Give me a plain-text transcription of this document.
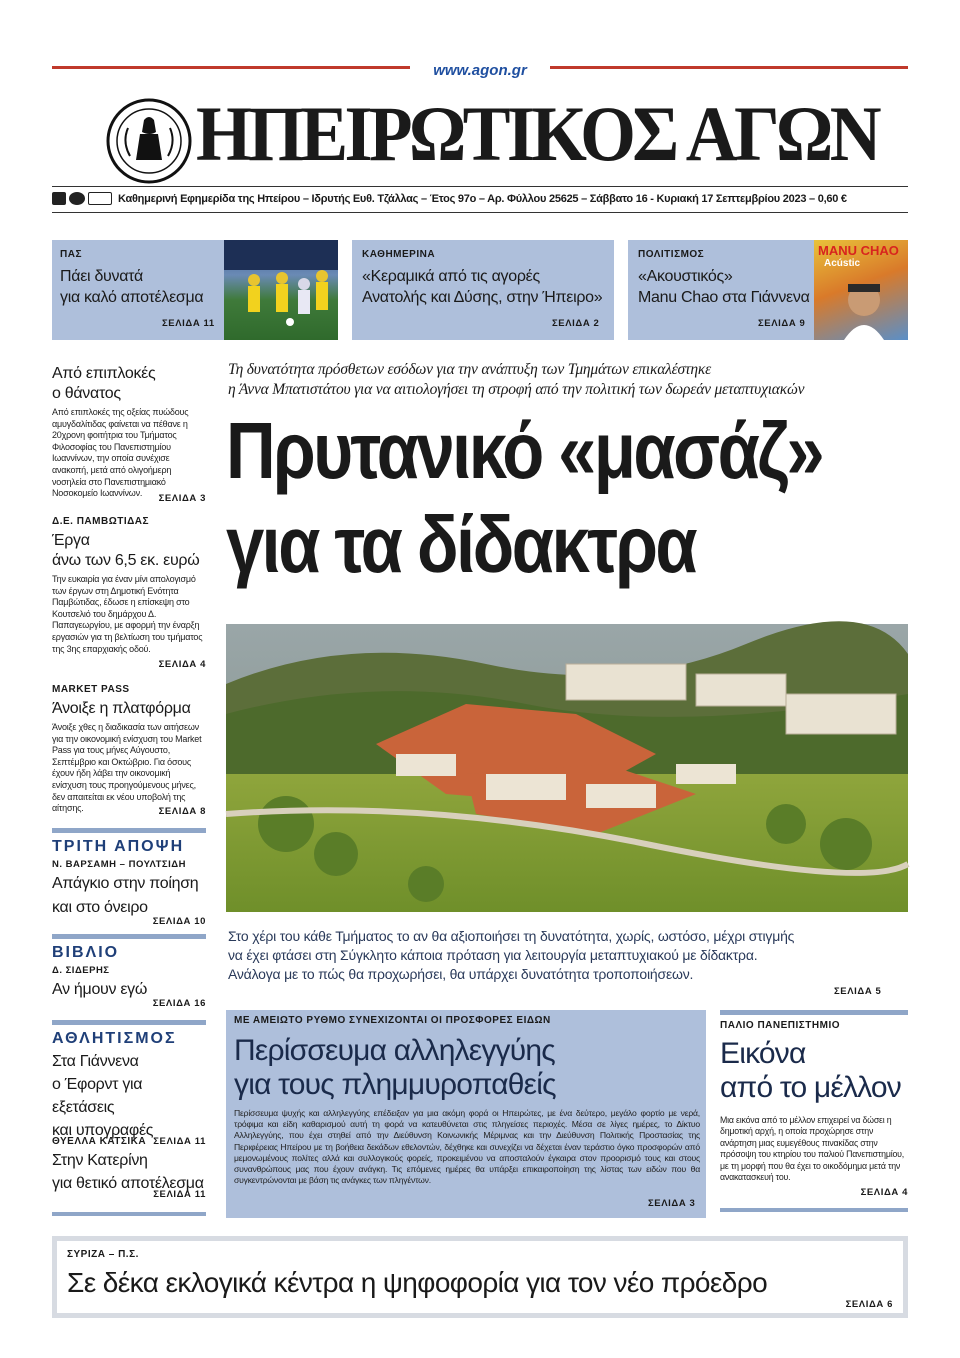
www.agon.gr
ΗΠΕΙΡΩΤΙΚΟΣ ΑΓΩΝ
Καθημερινή Εφημερίδα της Ηπείρου – Ιδρυτής Ευθ. Τζάλλας – Έτος 97ο – Αρ. Φύλλου 25625 – Σάββατο 16 - Κυριακή 17 Σεπτεμβρίου 2023 – 0,60 €
ΠΑΣ
Πάει δυνατά
για καλό αποτέλεσμα
ΣΕΛΙΔΑ 11
ΚΑΘΗΜΕΡΙΝΑ
«Κεραμικά από τις αγορές
Ανατολής και Δύσης, στην Ήπειρο»
ΣΕΛΙΔΑ 2
ΠΟΛΙΤΙΣΜΟΣ
«Ακουστικός»
Manu Chao στα Γιάννενα
ΣΕΛΙΔΑ 9
MANU CHAO
Acústic
Από επιπλοκές
ο θάνατος
Από επιπλοκές της οξείας πυώδους αμυγδαλίτιδας φαίνεται να πέθανε η 20χρονη φοιτήτρια του Τμήματος Φιλοσοφίας του Πανεπιστημίου Ιωαννίνων, την οποία συνέχισε ανακοπή, μετά από ολιγοήμερη νοσηλεία στο Πανεπιστημιακό Νοσοκομείο Ιωαννίνων.	ΣΕΛΙΔΑ 3
Δ.Ε. ΠΑΜΒΩΤΙΔΑΣ
Έργα
άνω των 6,5 εκ. ευρώ
Την ευκαιρία για έναν μίνι απολογισμό των έργων στη Δημοτική Ενότητα Παμβώτιδας, έδωσε η επίσκεψη στο Κουτσελιό του δημάρχου Δ. Παπαγεωργίου, με αφορμή την έναρξη εργασιών για τη βελτίωση του τμήματος της 3ης επαρχιακής οδού.
ΣΕΛΙΔΑ 4
MARKET PASS
Άνοιξε η πλατφόρμα
Άνοιξε χθες η διαδικασία των αιτήσεων για την οικονομική ενίσχυση του Market Pass για τους μήνες Αύγουστο, Σεπτέμβριο και Οκτώβριο. Για όσους έχουν ήδη λάβει την οικονομική ενίσχυση τους προηγούμενους μήνες, δεν απαιτείται εκ νέου υποβολή της αίτησης.	ΣΕΛΙΔΑ 8
ΤΡΙΤΗ ΑΠΟΨΗ
Ν. ΒΑΡΣΑΜΗ – ΠΟΥΛΤΣΙΔΗ
Απάγκιο στην ποίηση
και στο όνειρο
ΣΕΛΙΔΑ 10
ΒΙΒΛΙΟ
Δ. ΣΙΔΕΡΗΣ
Αν ήμουν εγώ
ΣΕΛΙΔΑ 16
ΑΘΛΗΤΙΣΜΟΣ
Στα Γιάννενα
ο Έφορντ για εξετάσεις
και υπογραφές
ΣΕΛΙΔΑ 11
ΘΥΕΛΛΑ ΚΑΤΣΙΚΑ
Στην Κατερίνη
για θετικό αποτέλεσμα
ΣΕΛΙΔΑ 11
Τη δυνατότητα πρόσθετων εσόδων για την ανάπτυξη των Τμημάτων επικαλέστηκε
η Άννα Μπατιστάτου για να αιτιολογήσει τη στροφή από την πολιτική των δωρεάν μεταπτυχιακών
Πρυτανικό «μασάζ»
για τα δίδακτρα
Στο χέρι του κάθε Τμήματος το αν θα αξιοποιήσει τη δυνατότητα, χωρίς, ωστόσο, μέχρι στιγμής
να έχει φτάσει στη Σύγκλητο κάποια πρόταση για λειτουργία μεταπτυχιακού με δίδακτρα.
Ανάλογα με το πώς θα προχωρήσει, θα υπάρχει δυνατότητα τροποποιήσεων.
ΣΕΛΙΔΑ 5
ΜΕ ΑΜΕΙΩΤΟ ΡΥΘΜΟ ΣΥΝΕΧΙΖΟΝΤΑΙ ΟΙ ΠΡΟΣΦΟΡΕΣ ΕΙΔΩΝ
Περίσσευμα αλληλεγγύης
για τους πλημμυροπαθείς
Περίσσευμα ψυχής και αλληλεγγύης επέδειξαν για μια ακόμη φορά οι Ηπειρώτες, με ένα δεύτερο, μεγάλο φορτίο με νερά, τρόφιμα και είδη καθαρισμού αυτή τη φορά να κατευθύνεται στις πληγείσες περιοχές. Μέσα σε λίγες ημέρες, το Δίκτυο Αλληλεγγύης, που έχει στηθεί από την Διεύθυνση Κοινωνικής Μέριμνας και την Διεύθυνση Πολιτικής Προστασίας της Περιφέρειας Ηπείρου με τη βοήθεια δεκάδων εθελοντών, δέχθηκε και συνεχίζει να δέχεται έναν τεράστιο όγκο προσφορών από μεμονωμένους πολίτες αλλά και συλλογικούς φορείς, προκειμένου να αποσταλούν έγκαιρα στον προορισμό τους και στους συνανθρώπους μας που έχουν ανάγκη. Τις επόμενες ημέρες θα υπάρξει επικαιροποίηση της λίστας των ειδών που θα συγκεντρώνονται με βάση τις ανάγκες των πληγέντων.
ΣΕΛΙΔΑ 3
ΠΑΛΙΟ ΠΑΝΕΠΙΣΤΗΜΙΟ
Εικόνα
από το μέλλον
Μια εικόνα από το μέλλον επιχειρεί να δώσει η δημοτική αρχή, η οποία προχώρησε στην ανάρτηση μιας ευμεγέθους πινακίδας στην πρόσοψη του κτηρίου του παλιού Πανεπιστημίου, με τη μορφή που θα έχει το οικοδόμημα μετά την ανακατασκευή του.
ΣΕΛΙΔΑ 4
ΣΥΡΙΖΑ – Π.Σ.
Σε δέκα εκλογικά κέντρα η ψηφοφορία για τον νέο πρόεδρο
ΣΕΛΙΔΑ 6
